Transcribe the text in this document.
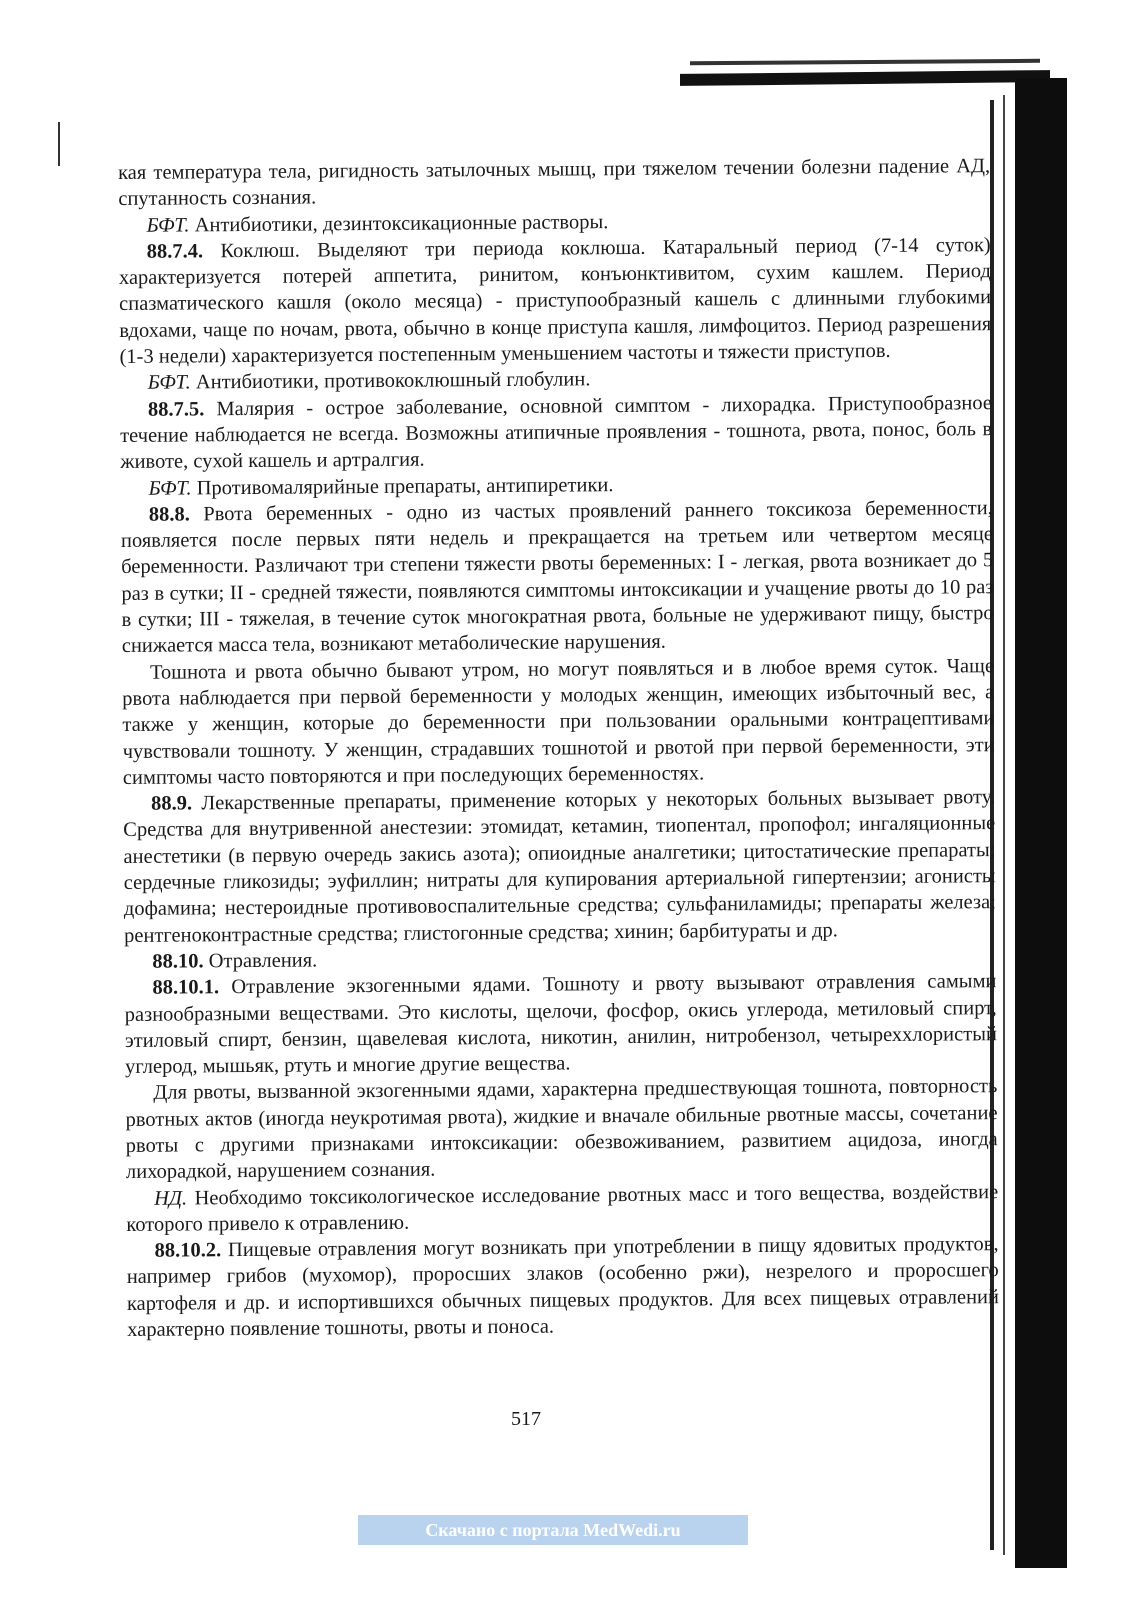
кая температура тела, ригидность затылочных мышц, при тяжелом течении болезни падение АД, спутанность сознания.

БФТ. Антибиотики, дезинтоксикационные растворы.

88.7.4. Коклюш. Выделяют три периода коклюша. Катаральный период (7-14 суток) характеризуется потерей аппетита, ринитом, конъюнктивитом, сухим кашлем. Период спазматического кашля (около месяца) - приступообразный кашель с длинными глубокими вдохами, чаще по ночам, рвота, обычно в конце приступа кашля, лимфоцитоз. Период разрешения (1-3 недели) характеризуется постепенным уменьшением частоты и тяжести приступов.

БФТ. Антибиотики, противококлюшный глобулин.

88.7.5. Малярия - острое заболевание, основной симптом - лихорадка. Приступообразное течение наблюдается не всегда. Возможны атипичные проявления - тошнота, рвота, понос, боль в животе, сухой кашель и артралгия.

БФТ. Противомалярийные препараты, антипиретики.

88.8. Рвота беременных - одно из частых проявлений раннего токсикоза беременности, появляется после первых пяти недель и прекращается на третьем или четвертом месяце беременности. Различают три степени тяжести рвоты беременных: I - легкая, рвота возникает до 5 раз в сутки; II - средней тяжести, появляются симптомы интоксикации и учащение рвоты до 10 раз в сутки; III - тяжелая, в течение суток многократная рвота, больные не удерживают пищу, быстро снижается масса тела, возникают метаболические нарушения.

Тошнота и рвота обычно бывают утром, но могут появляться и в любое время суток. Чаще рвота наблюдается при первой беременности у молодых женщин, имеющих избыточный вес, а также у женщин, которые до беременности при пользовании оральными контрацептивами чувствовали тошноту. У женщин, страдавших тошнотой и рвотой при первой беременности, эти симптомы часто повторяются и при последующих беременностях.

88.9. Лекарственные препараты, применение которых у некоторых больных вызывает рвоту. Средства для внутривенной анестезии: этомидат, кетамин, тиопентал, пропофол; ингаляционные анестетики (в первую очередь закись азота); опиоидные аналгетики; цитостатические препараты; сердечные гликозиды; эуфиллин; нитраты для купирования артериальной гипертензии; агонисты дофамина; нестероидные противовоспалительные средства; сульфаниламиды; препараты железа; рентгеноконтрастные средства; глистогонные средства; хинин; барбитураты и др.

88.10. Отравления.

88.10.1. Отравление экзогенными ядами. Тошноту и рвоту вызывают отравления самыми разнообразными веществами. Это кислоты, щелочи, фосфор, окись углерода, метиловый спирт, этиловый спирт, бензин, щавелевая кислота, никотин, анилин, нитробензол, четыреххлористый углерод, мышьяк, ртуть и многие другие вещества.

Для рвоты, вызванной экзогенными ядами, характерна предшествующая тошнота, повторность рвотных актов (иногда неукротимая рвота), жидкие и вначале обильные рвотные массы, сочетание рвоты с другими признаками интоксикации: обезвоживанием, развитием ацидоза, иногда лихорадкой, нарушением сознания.

НД. Необходимо токсикологическое исследование рвотных масс и того вещества, воздействие которого привело к отравлению.

88.10.2. Пищевые отравления могут возникать при употреблении в пищу ядовитых продуктов, например грибов (мухомор), проросших злаков (особенно ржи), незрелого и проросшего картофеля и др. и испортившихся обычных пищевых продуктов. Для всех пищевых отравлений характерно появление тошноты, рвоты и поноса.

517
Скачано с портала MedWedi.ru
